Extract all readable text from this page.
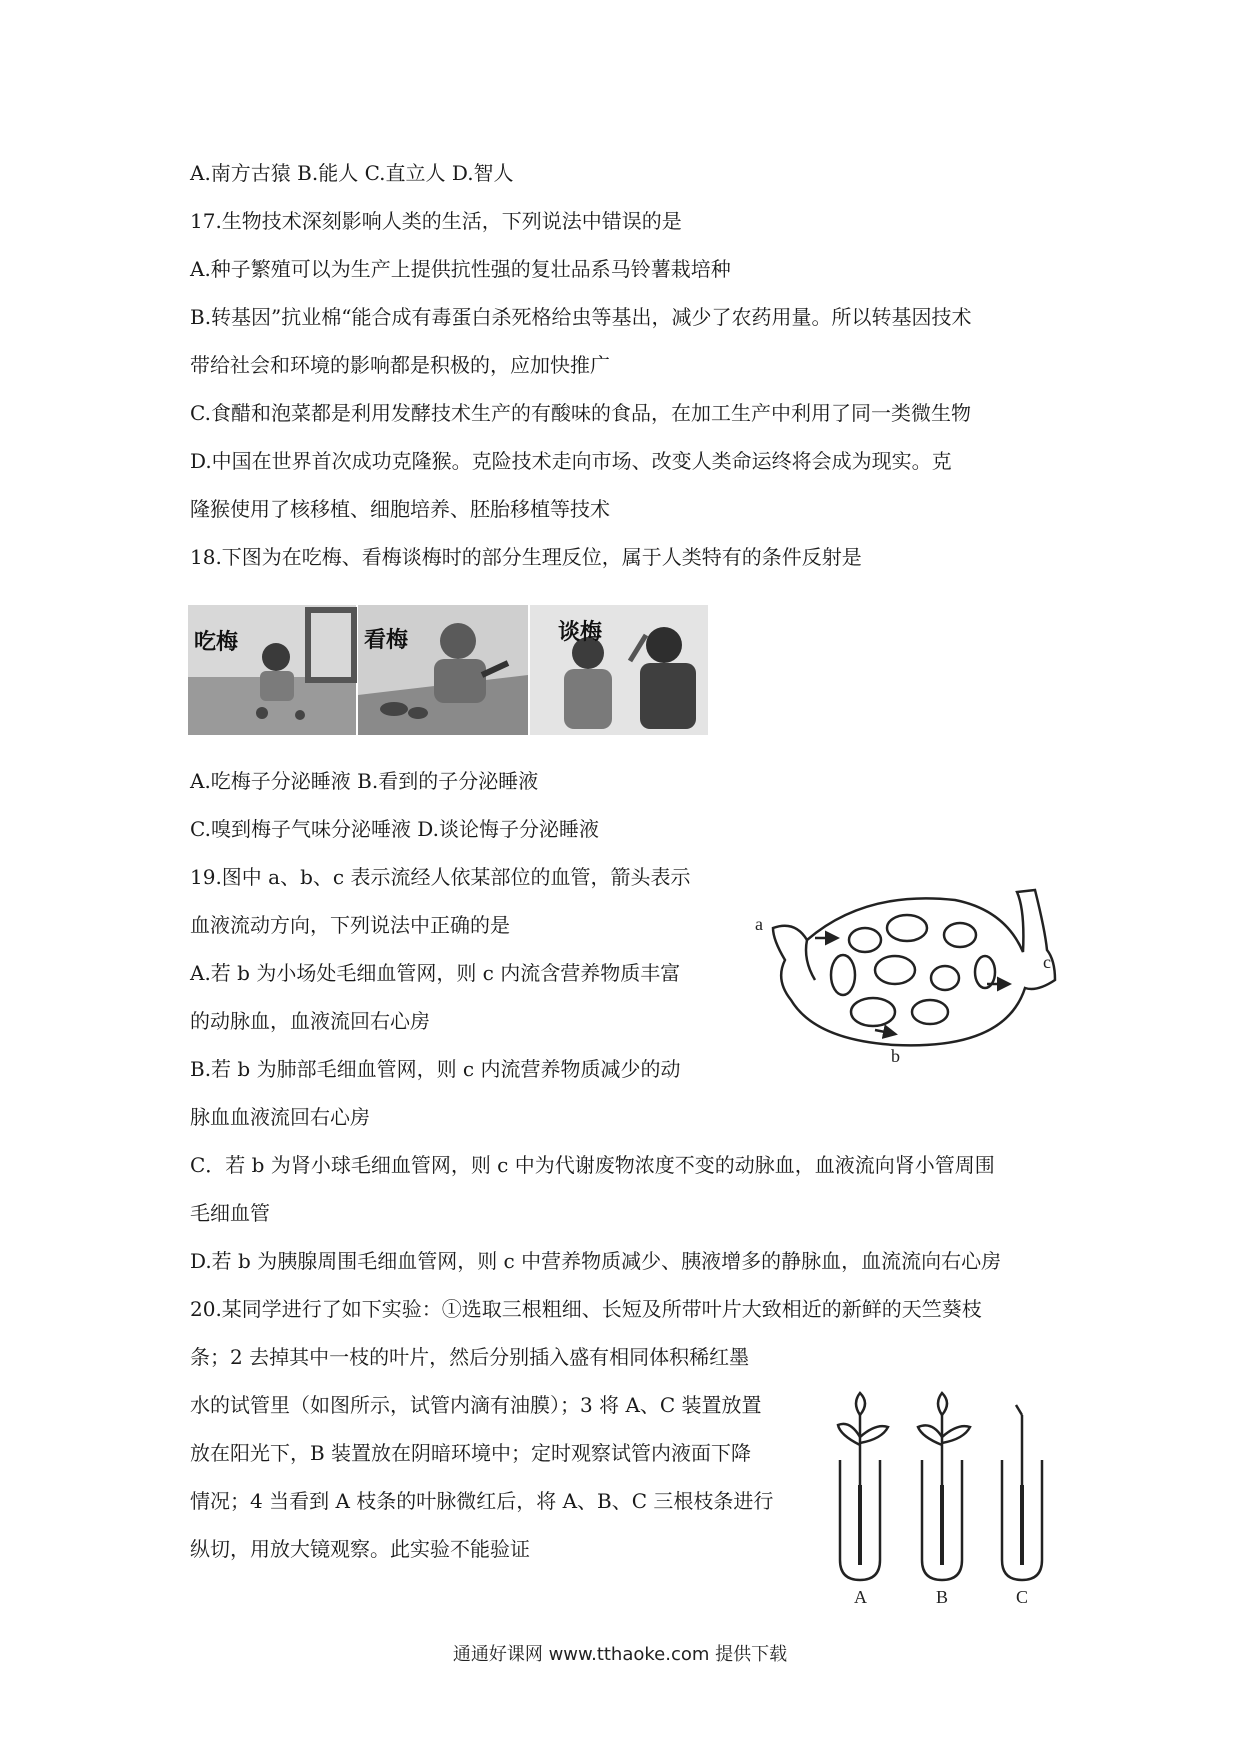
A.南方古猿 B.能人 C.直立人 D.智人
17.生物技术深刻影响人类的生活，下列说法中错误的是
A.种子繁殖可以为生产上提供抗性强的复壮品系马铃薯栽培种
B.转基因”抗业棉“能合成有毒蛋白杀死格给虫等基出，减少了农药用量。所以转基因技术
带给社会和环境的影响都是积极的，应加快推广
C.食醋和泡菜都是利用发酵技术生产的有酸味的食品，在加工生产中利用了同一类微生物
D.中国在世界首次成功克隆猴。克险技术走向市场、改变人类命运终将会成为现实。克
隆猴使用了核移植、细胞培养、胚胎移植等技术
18.下图为在吃梅、看梅谈梅时的部分生理反位，属于人类特有的条件反射是
吃梅	看梅	谈梅
A.吃梅子分泌睡液 B.看到的子分泌睡液
C.嗅到梅子气味分泌唾液 D.谈论悔子分泌睡液
19.图中 a、b、c 表示流经人依某部位的血管，箭头表示
血液流动方向，下列说法中正确的是
A.若 b 为小场处毛细血管网，则 c 内流含营养物质丰富
的动脉血，血液流回右心房
B.若 b 为肺部毛细血管网，则 c 内流营养物质减少的动
脉血血液流回右心房
a
b
c
C．若 b 为肾小球毛细血管网，则 c 中为代谢废物浓度不变的动脉血，血液流向肾小管周围
毛细血管
D.若 b 为胰腺周围毛细血管网，则 c 中营养物质减少、胰液增多的静脉血，血流流向右心房
20.某同学进行了如下实验：①选取三根粗细、长短及所带叶片大致相近的新鲜的天竺葵枝
条；2 去掉其中一枝的叶片，然后分别插入盛有相同体积稀红墨
水的试管里（如图所示，试管内滴有油膜）；3 将 A、C 装置放置
放在阳光下，B 装置放在阴暗环境中；定时观察试管内液面下降
情况；4 当看到 A 枝条的叶脉微红后，将 A、B、C 三根枝条进行
纵切，用放大镜观察。此实验不能验证
A	B	C
通通好课网 www.tthaoke.com 提供下载
